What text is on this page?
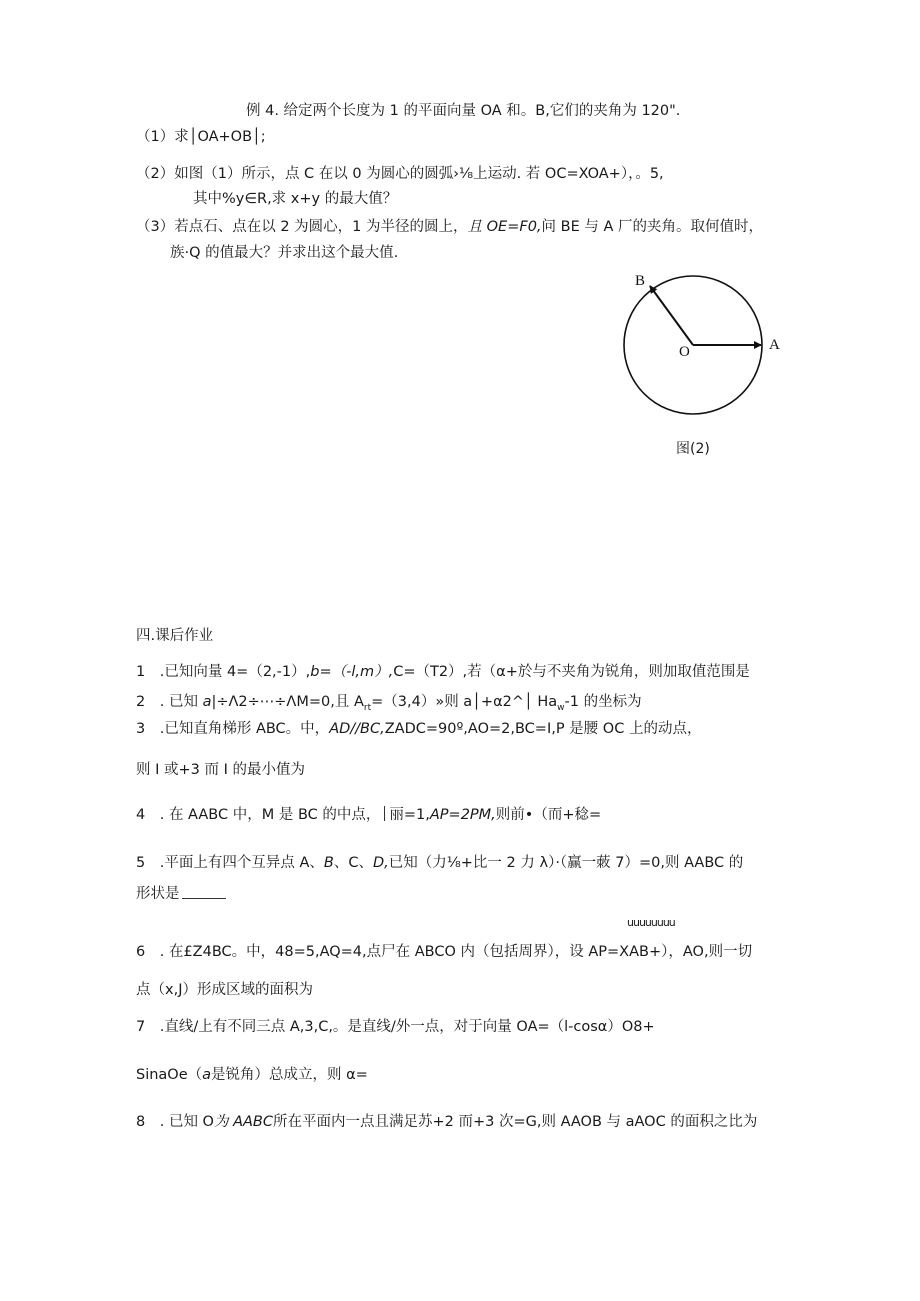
例 4. 给定两个长度为 1 的平面向量 OA 和。B,它们的夹角为 120".
（1）求│OA+OB│;
（2）如图（1）所示，点 C 在以 0 为圆心的圆弧›⅛上运动. 若 OC=XOA+），。5,
其中%y∈R,求 x+y 的最大值？
（3）若点石、点在以 2 为圆心，1 为半径的圆上，且 OE=F0,问 BE 与 A 厂的夹角。取何值时，
族·Q 的值最大？并求出这个最大值.
B
O	A
图(2)
四.课后作业
1　.已知向量 4=（2,-1）,b=（-l,m）,C=（T2）,若（α+於与不夹角为锐角，则加取值范围是
2　. 已知 a|÷Λ2÷⋯÷ΛM=0,且 $A_{rt}=(3,4)$»则 a│+α2^│ $Ha_w-1$ 的坐标为
3　.已知直角梯形 ABC。中，AD//BC,ZADC=90º,AO=2,BC=I,P 是腰 OC 上的动点，
则 I 或+3 而 I 的最小值为
4　. 在 AABC 中，M 是 BC 的中点， 丽=1,AP=2PM,则前•（而+稔=
5　.平面上有四个互异点 A、B、C、D,已知（力⅛+比一 2 力 λ）·（赢一蓛 7）=0,则 AABC 的
形状是
uuuuuuuu
6　. 在£Z4BC。中，48=5,AQ=4,点尸在 ABCO 内（包括周界），设 AP=XAB+），AO,则一切
点（x,J）形成区域的面积为
7　.直线/上有不同三点 A,3,C,。是直线/外一点，对于向量 OA=（l-cosα）O8+
SinaOe（a是锐角）总成立，则 α=
8　. 已知 O为 AABC所在平面内一点且满足苏+2 而+3 次=G,则 AAOB 与 aAOC 的面积之比为
